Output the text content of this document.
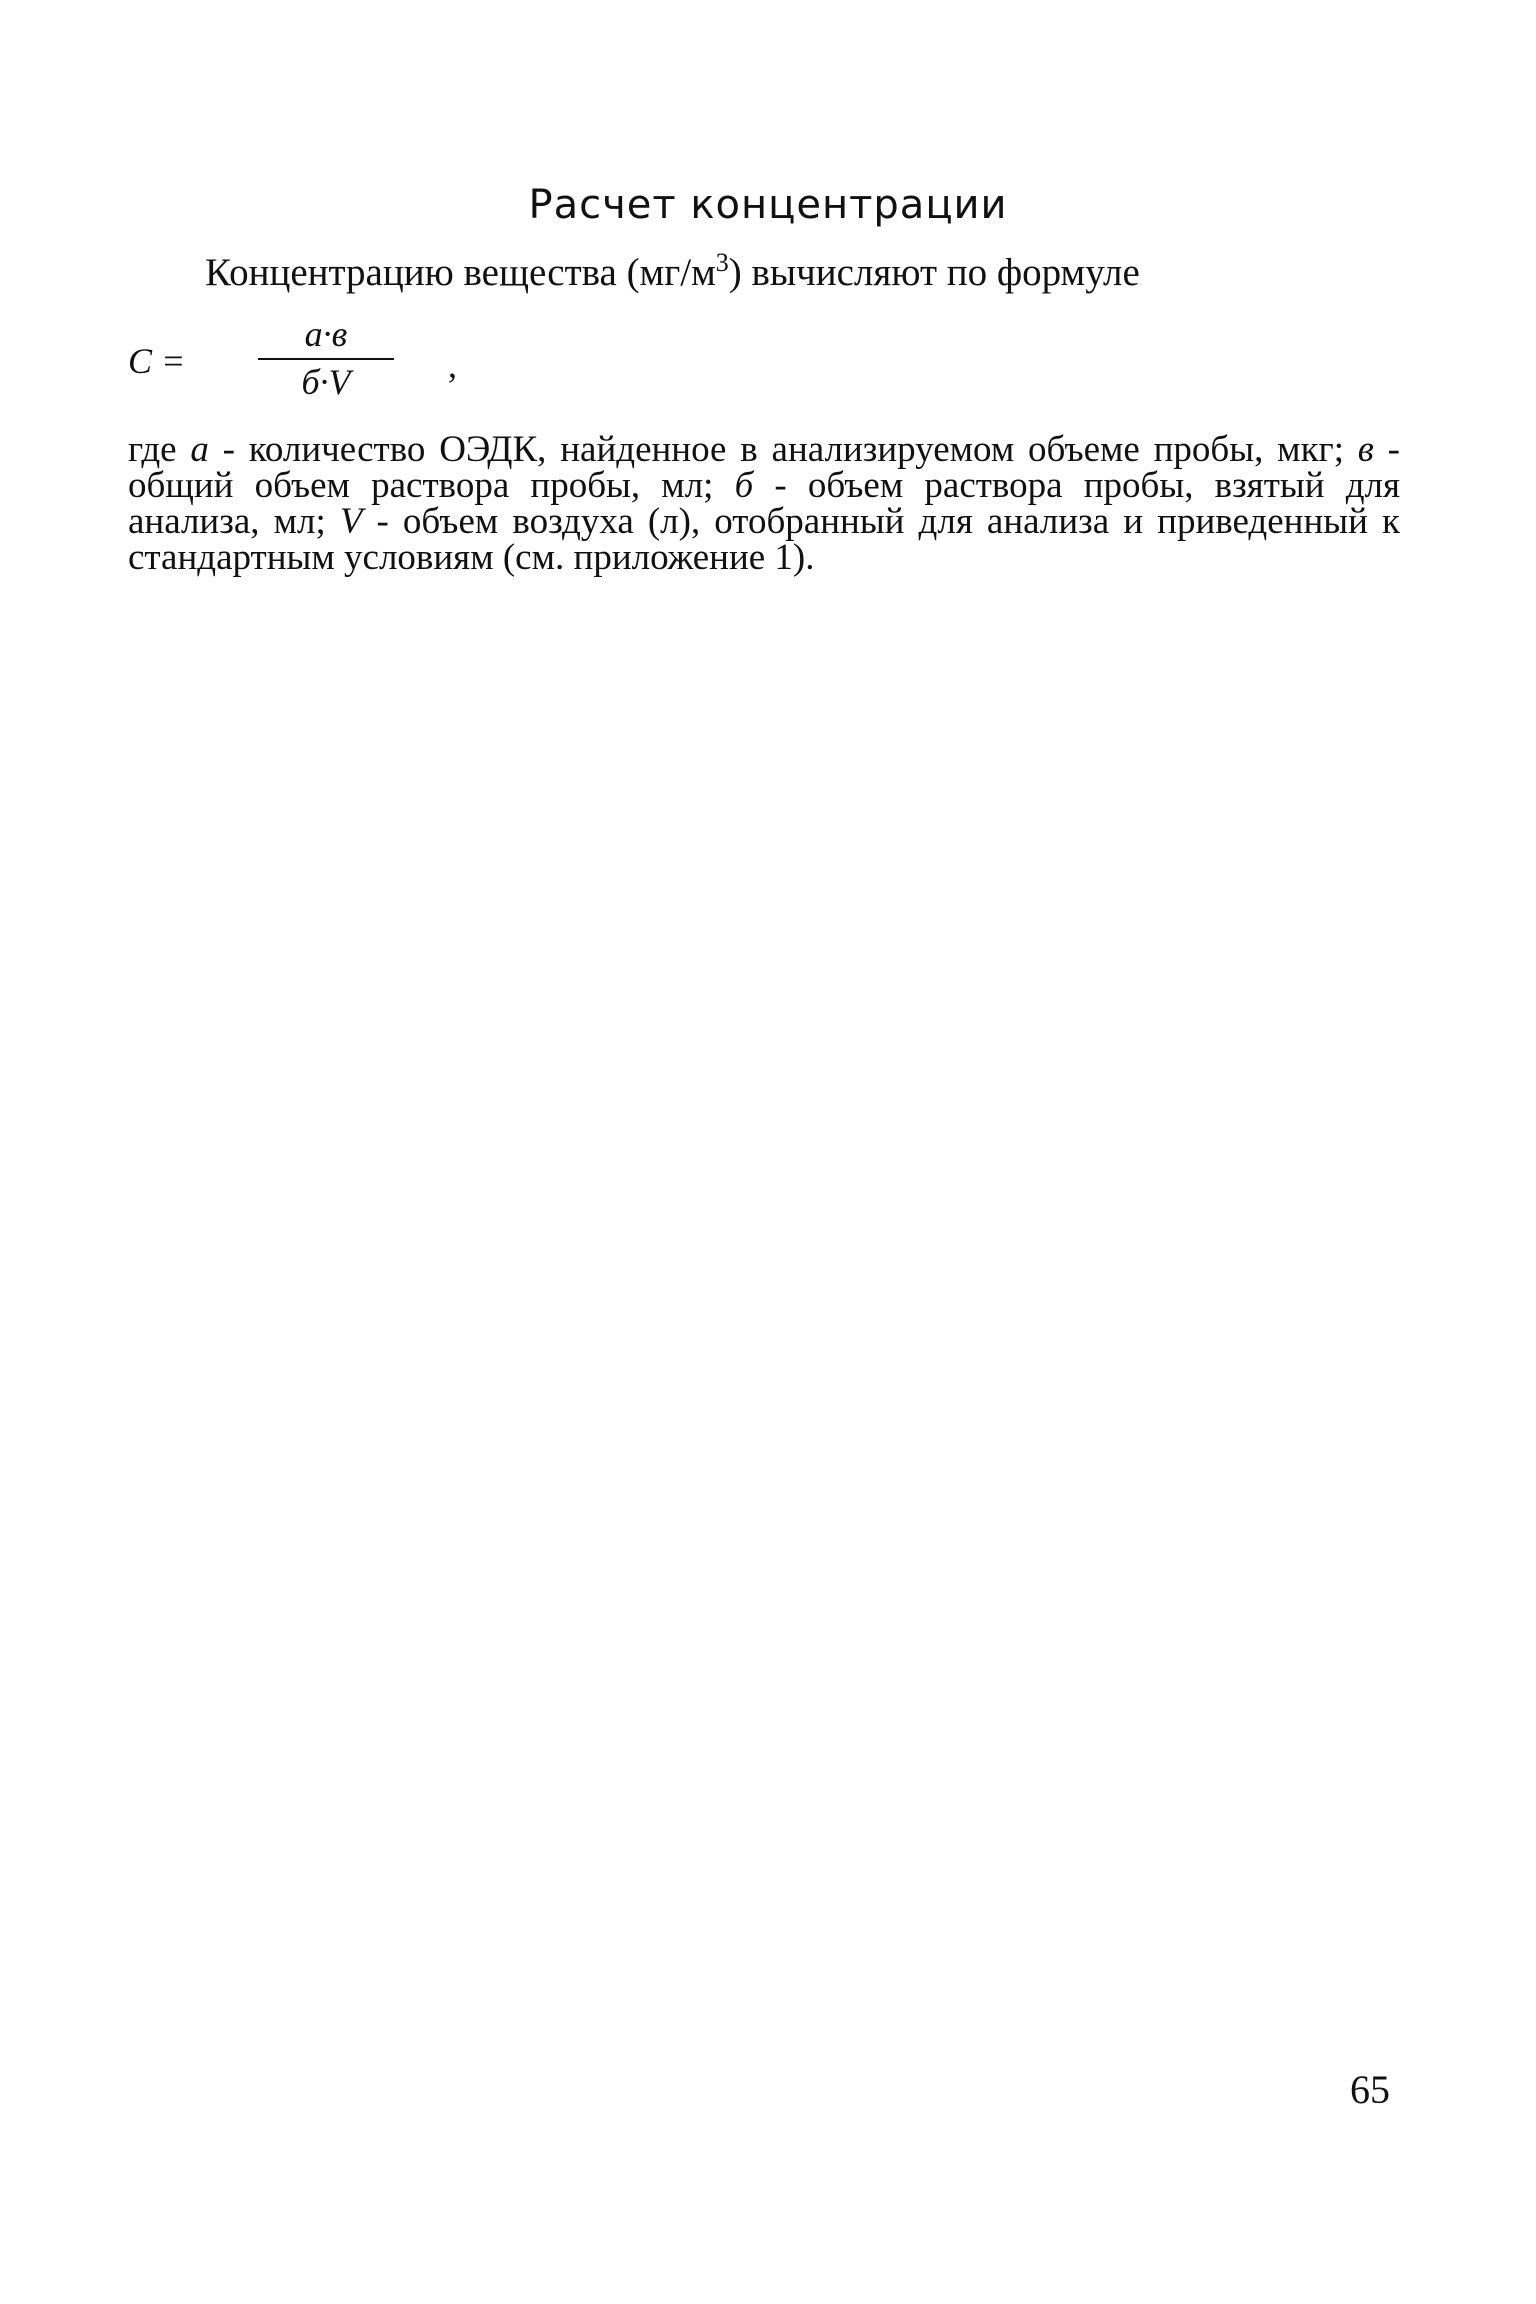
Расчет концентрации
Концентрацию вещества $(мг/м^3)$ вычисляют по формуле
C =
a·в
б·V	,
где a - количество ОЭДК, найденное в анализируемом объеме пробы, мкг; в - общий объем раствора пробы, мл; б - объем раствора пробы, взятый для анализа, мл; V - объем воздуха (л), отобранный для анализа и приведенный к стандартным условиям (см. приложение 1).
65
